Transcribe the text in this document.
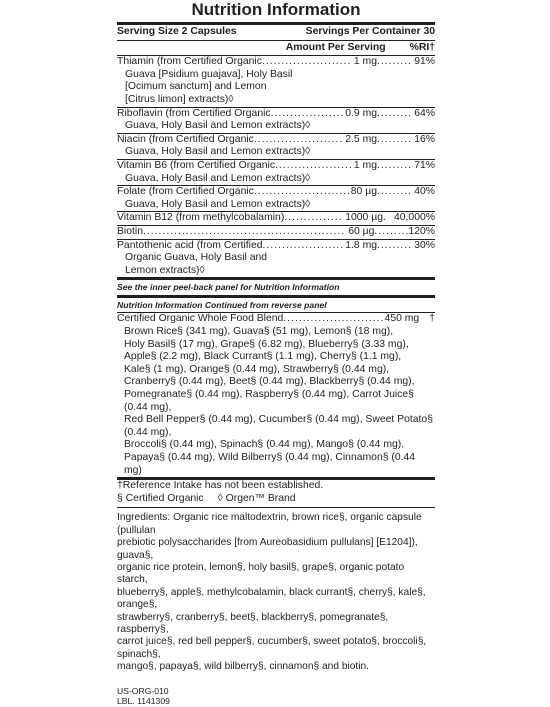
Nutrition Information
Serving Size 2 Capsules	Servings Per Container 30
Amount Per Serving %RI†
Thiamin (from Certified Organic .....	1 mg .....	91%
Guava [Psidium guajava], Holy Basil
[Ocimum sanctum] and Lemon
[Citrus limon] extracts)◊
Riboflavin (from Certified Organic .....	0.9 mg .....	64%
Guava, Holy Basil and Lemon extracts)◊
Niacin (from Certified Organic .....	2.5 mg .....	16%
Guava, Holy Basil and Lemon extracts)◊
Vitamin B6 (from Certified Organic .....	1 mg .....	71%
Guava, Holy Basil and Lemon extracts)◊
Folate (from Certified Organic .....	80 µg .....	40%
Guava, Holy Basil and Lemon extracts)◊
Vitamin B12 (from methylcobalamin) .....	1000 µg .....	40,000%
Biotin .....	60 µg .....	120%
Pantothenic acid (from Certified .....	1.8 mg .....	30%
Organic Guava, Holy Basil and
Lemon extracts)◊
See the inner peel-back panel for Nutrition Information
Nutrition Information Continued from reverse panel
Certified Organic Whole Food Blend .....	450 mg †
Brown Rice§ (341 mg), Guava§ (51 mg), Lemon§ (18 mg),
Holy Basil§ (17 mg), Grape§ (6.82 mg), Blueberry§ (3.33 mg),
Apple§ (2.2 mg), Black Currant§ (1.1 mg), Cherry§ (1.1 mg),
Kale§ (1 mg), Orange§ (0.44 mg), Strawberry§ (0.44 mg),
Cranberry§ (0.44 mg), Beet§ (0.44 mg), Blackberry§ (0.44 mg),
Pomegranate§ (0.44 mg), Raspberry§ (0.44 mg), Carrot Juice§ (0.44 mg),
Red Bell Pepper§ (0.44 mg), Cucumber§ (0.44 mg), Sweet Potato§ (0.44 mg),
Broccoli§ (0.44 mg), Spinach§ (0.44 mg), Mango§ (0.44 mg),
Papaya§ (0.44 mg), Wild Bilberry§ (0.44 mg), Cinnamon§ (0.44 mg)
†Reference Intake has not been established.
§ Certified Organic ◊ Orgen™ Brand
Ingredients: Organic rice maltodextrin, brown rice§, organic capsule (pullulan
prebiotic polysaccharides [from Aureobasidium pullulans] [E1204]), guava§,
organic rice protein, lemon§, holy basil§, grape§, organic potato starch,
blueberry§, apple§, methylcobalamin, black currant§, cherry§, kale§, orange§,
strawberry§, cranberry§, beet§, blackberry§, pomegranate§, raspberry§,
carrot juice§, red bell pepper§, cucumber§, sweet potato§, broccoli§, spinach§,
mango§, papaya§, wild bilberry§, cinnamon§ and biotin.
US-ORG-010
LBL. 1141309
